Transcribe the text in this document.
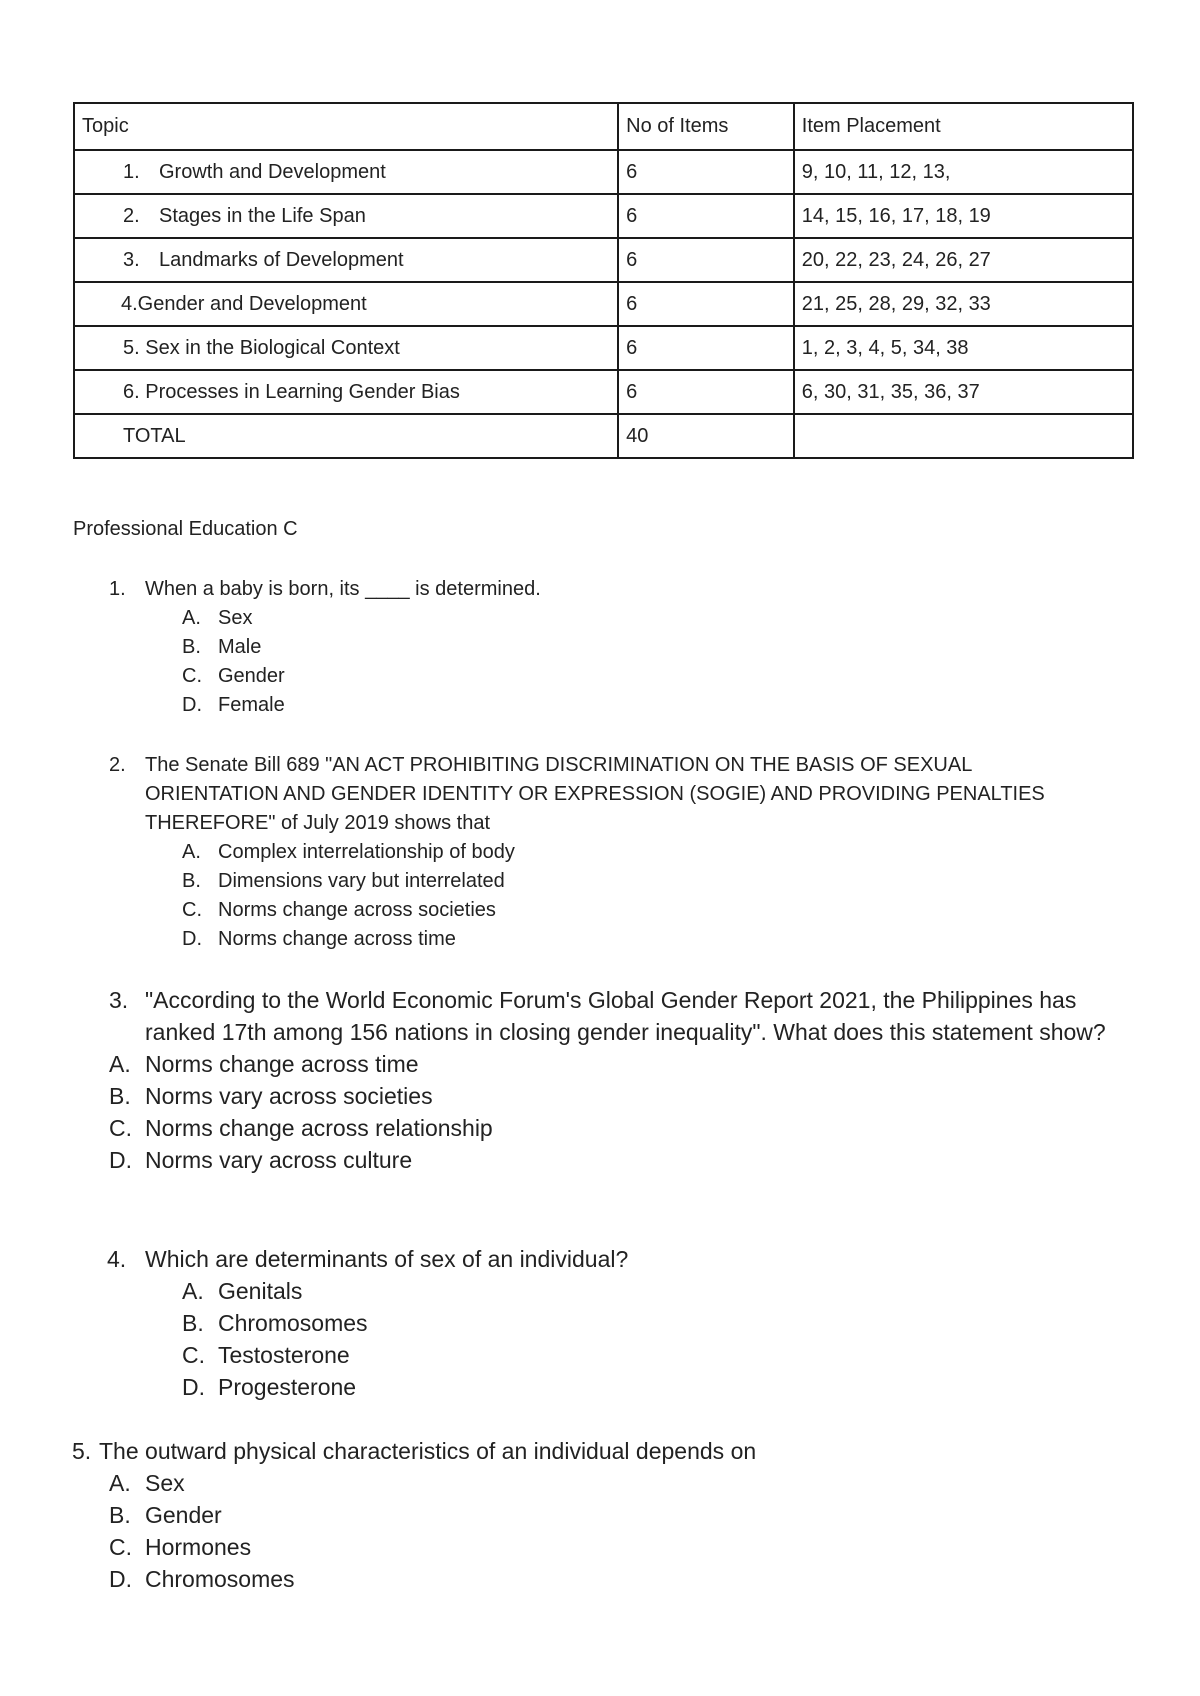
Topic	No of Items	Item Placement
1. Growth and Development	6	9, 10, 11, 12, 13,
2. Stages in the Life Span	6	14, 15, 16, 17, 18, 19
3. Landmarks of Development	6	20, 22, 23, 24, 26, 27
4.Gender and Development	6	21, 25, 28, 29, 32, 33
5. Sex in the Biological Context	6	1, 2, 3, 4, 5, 34, 38
6. Processes in Learning Gender Bias	6	6, 30, 31, 35, 36, 37
TOTAL	40	
Professional Education C

1. When a baby is born, its ____ is determined.

A. Sex
B. Male
C. Gender
D. Female

2. The Senate Bill 689 "AN ACT PROHIBITING DISCRIMINATION ON THE BASIS OF SEXUAL ORIENTATION AND GENDER IDENTITY OR EXPRESSION (SOGIE) AND PROVIDING PENALTIES THEREFORE" of July 2019 shows that

A. Complex interrelationship of body
B. Dimensions vary but interrelated
C. Norms change across societies
D. Norms change across time

3. "According to the World Economic Forum's Global Gender Report 2021, the Philippines has ranked 17th among 156 nations in closing gender inequality". What does this statement show?

A. Norms change across time
B. Norms vary across societies
C. Norms change across relationship
D. Norms vary across culture

4. Which are determinants of sex of an individual?

A. Genitals
B. Chromosomes
C. Testosterone
D. Progesterone

5. The outward physical characteristics of an individual depends on

A. Sex
B. Gender
C. Hormones
D. Chromosomes
